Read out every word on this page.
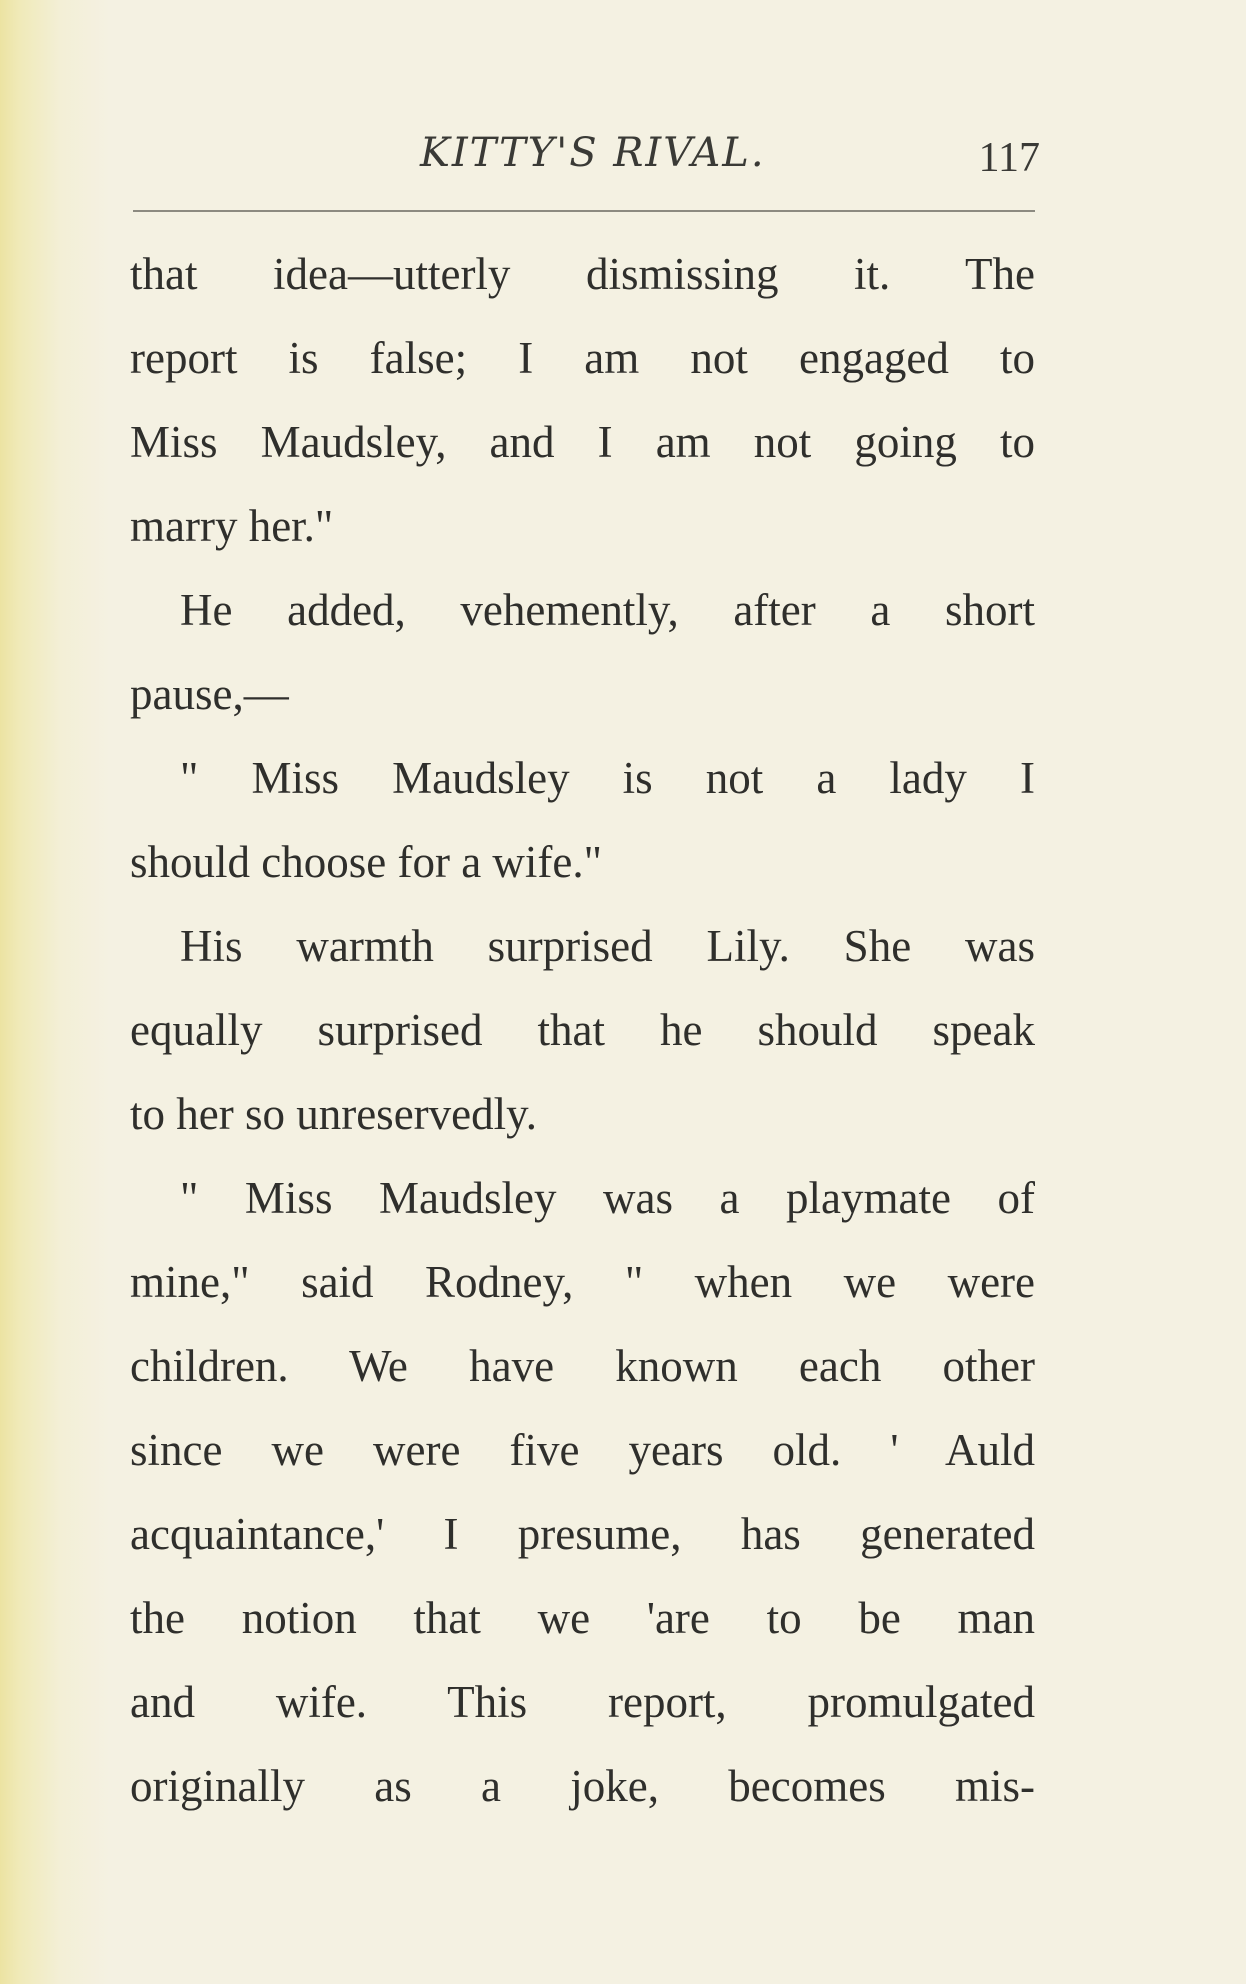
KITTY'S RIVAL.	117
that idea—utterly dismissing it. The
report is false; I am not engaged to
Miss Maudsley, and I am not going to
marry her."
He added, vehemently, after a short
pause,—
" Miss Maudsley is not a lady I
should choose for a wife."
His warmth surprised Lily. She was
equally surprised that he should speak
to her so unreservedly.
" Miss Maudsley was a playmate of
mine," said Rodney, " when we were
children. We have known each other
since we were five years old. ' Auld
acquaintance,' I presume, has generated
the notion that we 'are to be man
and wife. This report, promulgated
originally as a joke, becomes mis-
